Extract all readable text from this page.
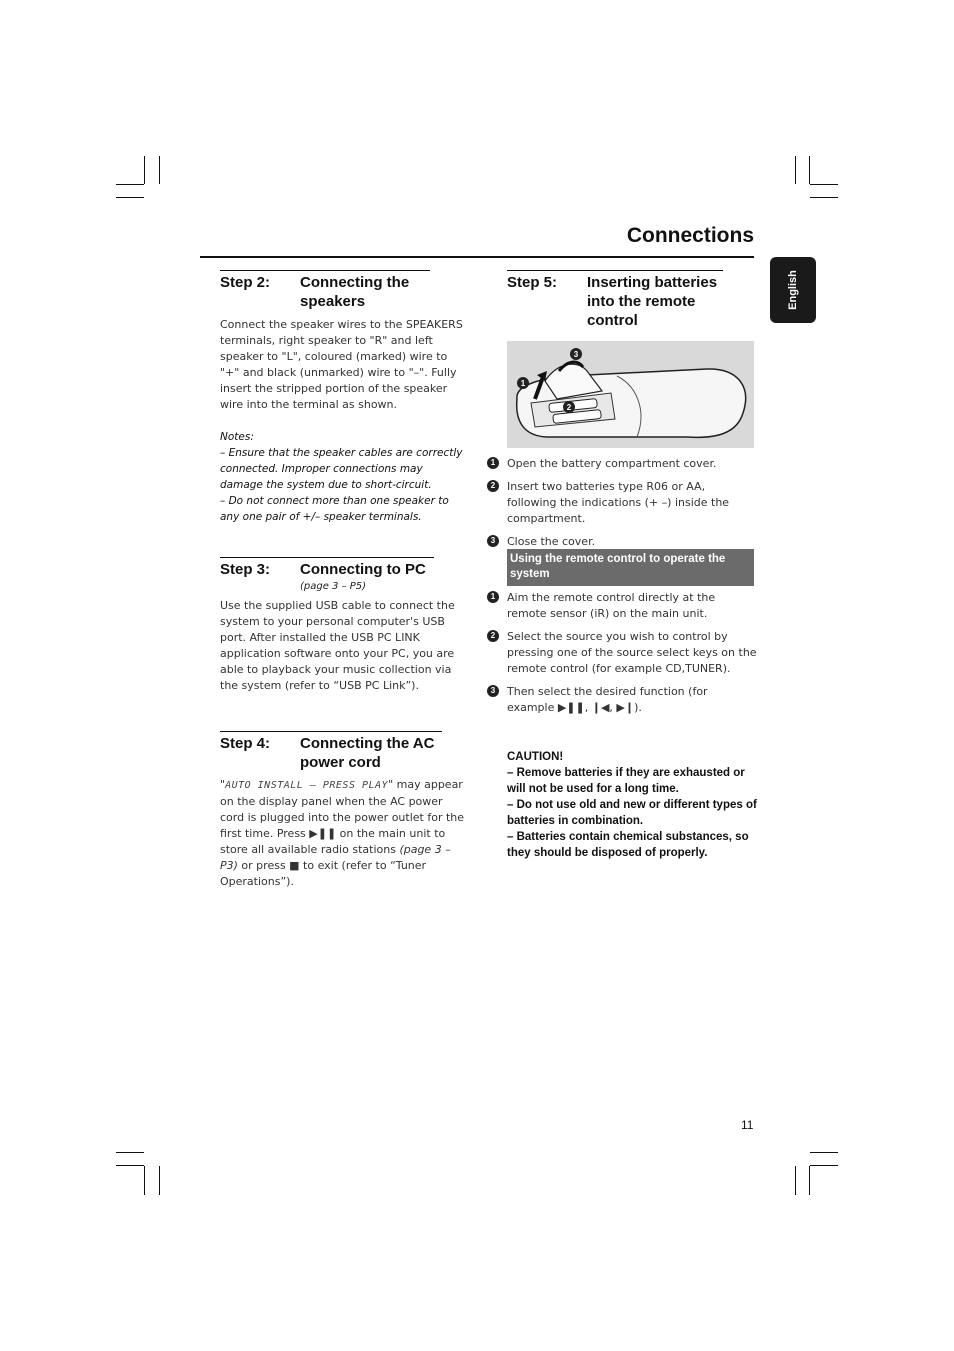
Connections
English
Step 2: Connecting the speakers

Connect the speaker wires to the SPEAKERS terminals, right speaker to "R" and left speaker to "L", coloured (marked) wire to "+" and black (unmarked) wire to "–". Fully insert the stripped portion of the speaker wire into the terminal as shown.

Notes:

– Ensure that the speaker cables are correctly connected. Improper connections may damage the system due to short-circuit.

– Do not connect more than one speaker to any one pair of +/– speaker terminals.

Step 3: Connecting to PC
(page 3 – P5)

Use the supplied USB cable to connect the system to your personal computer's USB port. After installed the USB PC LINK application software onto your PC, you are able to playback your music collection via the system (refer to “USB PC Link”).

Step 4: Connecting the AC power cord

"AUTO INSTALL – PRESS PLAY" may appear on the display panel when the AC power cord is plugged into the power outlet for the first time. Press ▶❚❚ on the main unit to store all available radio stations (page 3 – P3) or press ■ to exit (refer to “Tuner Operations”).

Step 5: Inserting batteries into the remote control
1
2
3
1	Open the battery compartment cover.
2	Insert two batteries type R06 or AA, following the indications (+ –) inside the compartment.
3	Close the cover.
Using the remote control to operate the system
1	Aim the remote control directly at the remote sensor (iR) on the main unit.
2	Select the source you wish to control by pressing one of the source select keys on the remote control (for example CD,TUNER).
3	Then select the desired function (for example ▶❚❚, ❙◀, ▶❙).
CAUTION!
– Remove batteries if they are exhausted or will not be used for a long time.
– Do not use old and new or different types of batteries in combination.
– Batteries contain chemical substances, so they should be disposed of properly.
11
